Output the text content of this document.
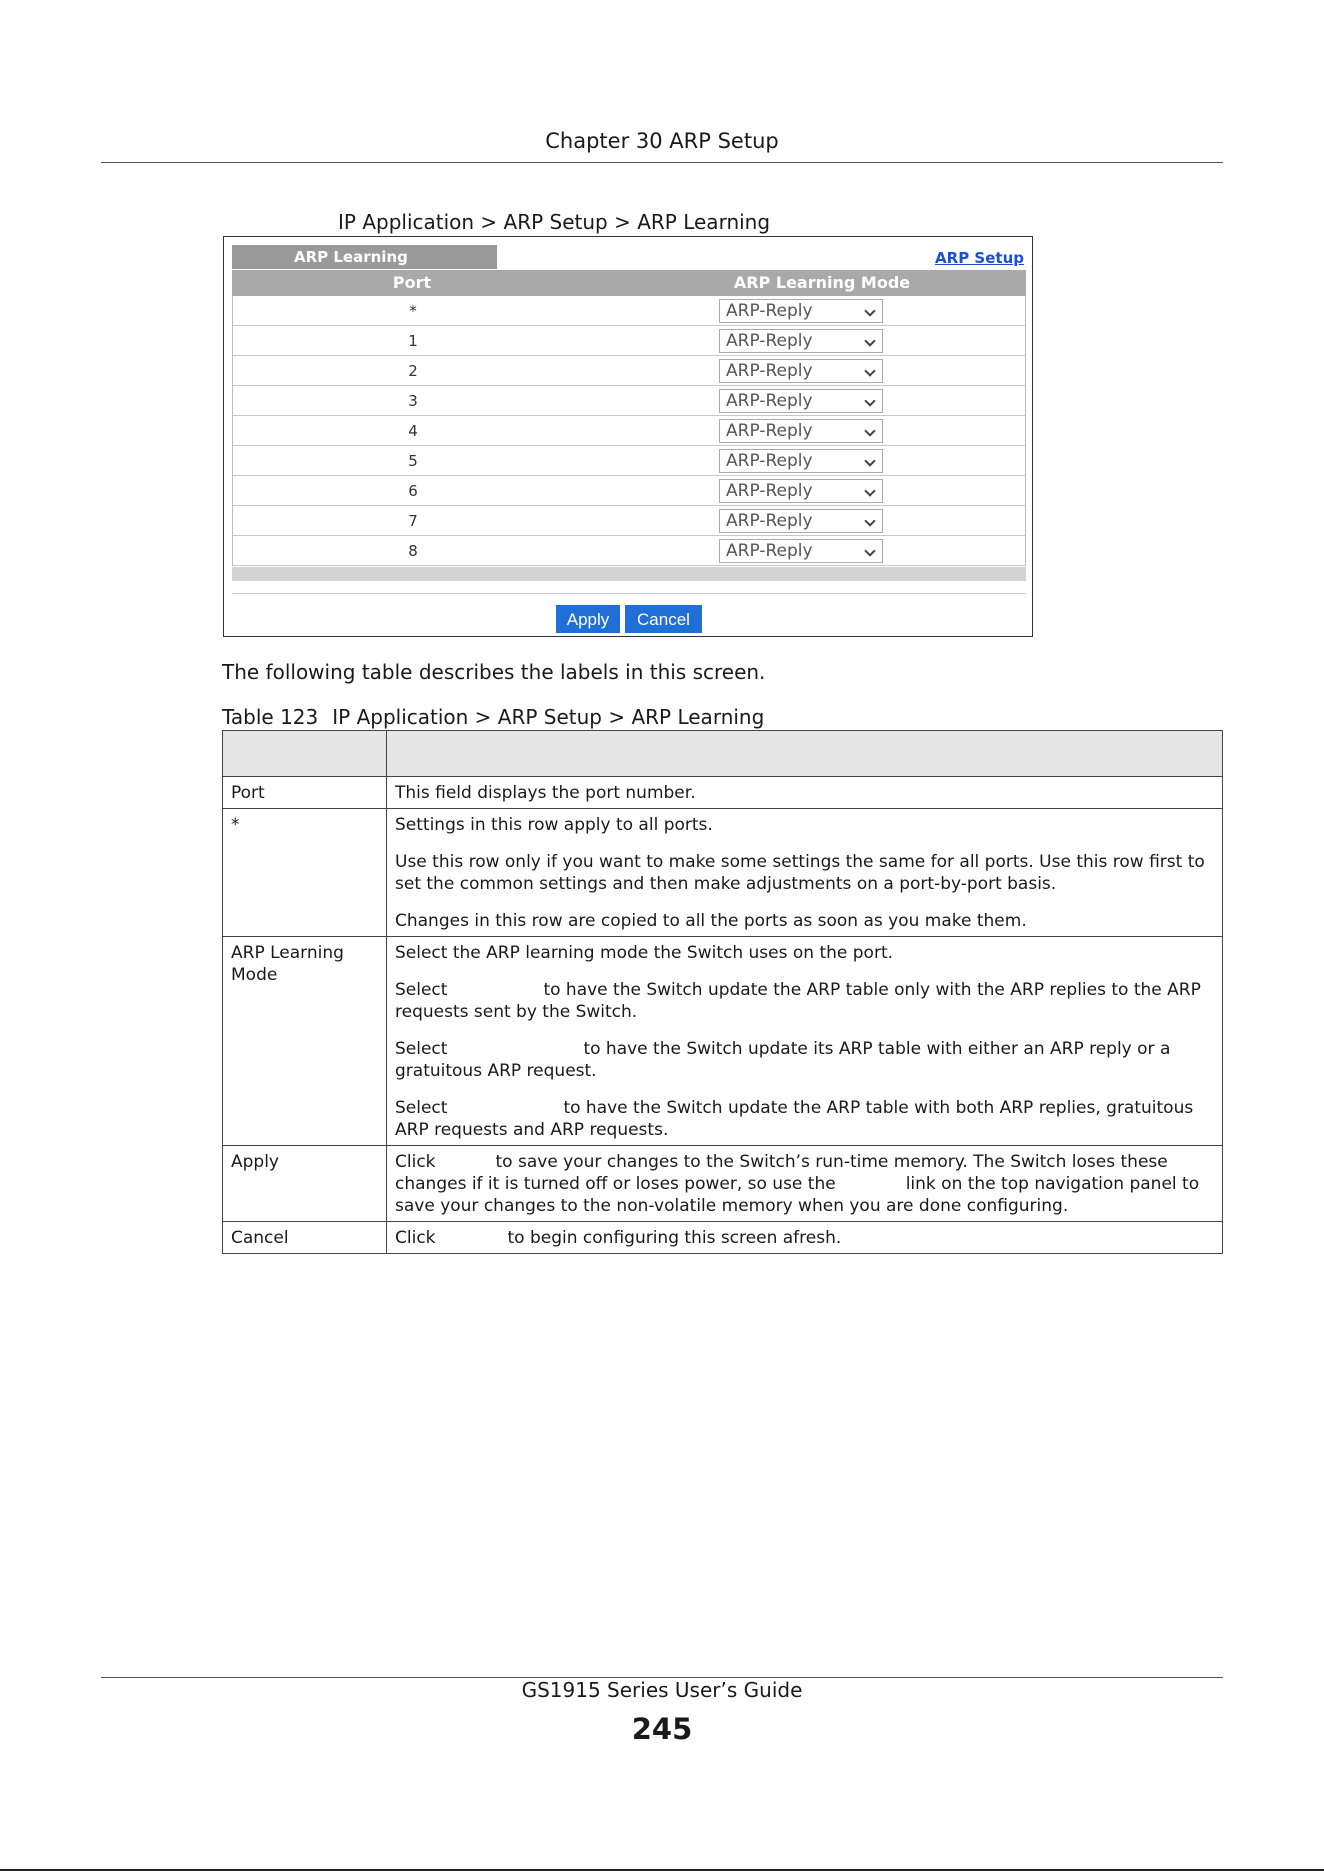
Chapter 30 ARP Setup
IP Application > ARP Setup > ARP Learning
ARP Learning	ARP Setup
Port	ARP Learning Mode
*	ARP-Reply
1	ARP-Reply
2	ARP-Reply
3	ARP-Reply
4	ARP-Reply
5	ARP-Reply
6	ARP-Reply
7	ARP-Reply
8	ARP-Reply
Apply	Cancel
The following table describes the labels in this screen.
Table 123 IP Application > ARP Setup > ARP Learning

Port	This field displays the port number.

*	Settings in this row apply to all ports.

Use this row only if you want to make some settings the same for all ports. Use this row first to set the common settings and then make adjustments on a port-by-port basis.

Changes in this row are copied to all the ports as soon as you make them.

ARP Learning Mode	Select the ARP learning mode the Switch uses on the port.

Select to have the Switch update the ARP table only with the ARP replies to the ARP requests sent by the Switch.

Select to have the Switch update its ARP table with either an ARP reply or a gratuitous ARP request.

Select to have the Switch update the ARP table with both ARP replies, gratuitous ARP requests and ARP requests.

Apply	Click to save your changes to the Switch’s run-time memory. The Switch loses these changes if it is turned off or loses power, so use the link on the top navigation panel to save your changes to the non-volatile memory when you are done configuring.

Cancel	Click to begin configuring this screen afresh.

GS1915 Series User’s Guide
245
